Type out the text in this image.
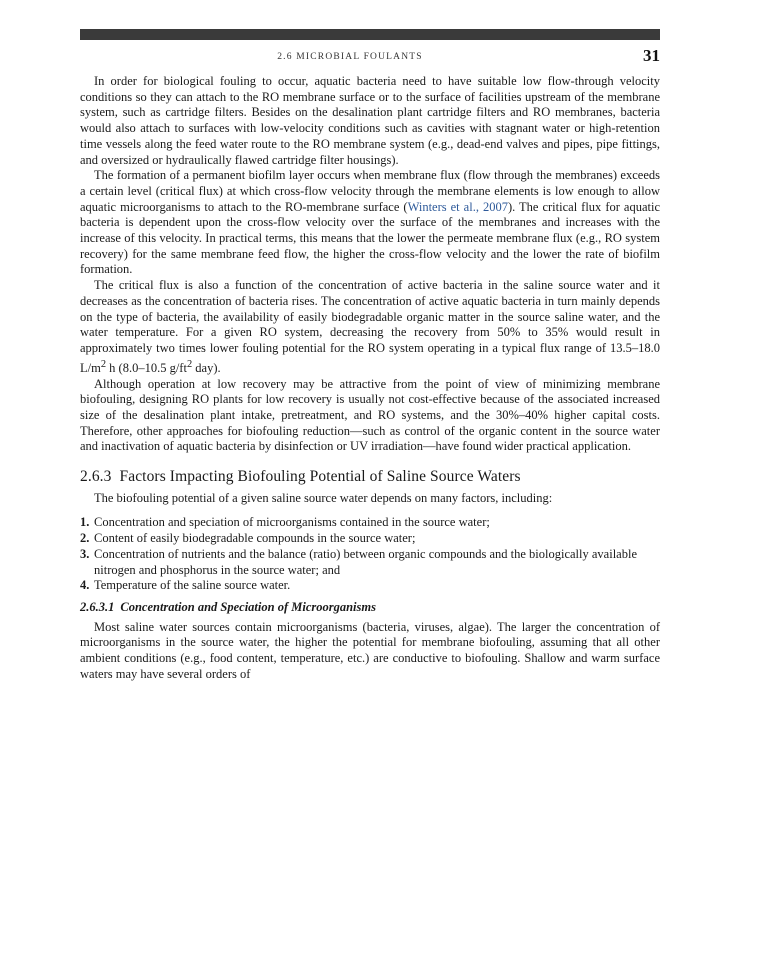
2.6 MICROBIAL FOULANTS	31

In order for biological fouling to occur, aquatic bacteria need to have suitable low flow-through velocity conditions so they can attach to the RO membrane surface or to the surface of facilities upstream of the membrane system, such as cartridge filters. Besides on the desalination plant cartridge filters and RO membranes, bacteria would also attach to surfaces with low-velocity conditions such as cavities with stagnant water or high-retention time vessels along the feed water route to the RO membrane system (e.g., dead-end valves and pipes, pipe fittings, and oversized or hydraulically flawed cartridge filter housings).

The formation of a permanent biofilm layer occurs when membrane flux (flow through the membranes) exceeds a certain level (critical flux) at which cross-flow velocity through the membrane elements is low enough to allow aquatic microorganisms to attach to the RO-membrane surface (Winters et al., 2007). The critical flux for aquatic bacteria is dependent upon the cross-flow velocity over the surface of the membranes and increases with the increase of this velocity. In practical terms, this means that the lower the permeate membrane flux (e.g., RO system recovery) for the same membrane feed flow, the higher the cross-flow velocity and the lower the rate of biofilm formation.

The critical flux is also a function of the concentration of active bacteria in the saline source water and it decreases as the concentration of bacteria rises. The concentration of active aquatic bacteria in turn mainly depends on the type of bacteria, the availability of easily biodegradable organic matter in the source saline water, and the water temperature. For a given RO system, decreasing the recovery from 50% to 35% would result in approximately two times lower fouling potential for the RO system operating in a typical flux range of 13.5–18.0 $L/m^2$ h (8.0–10.5 $g/ft^2$ day).

Although operation at low recovery may be attractive from the point of view of minimizing membrane biofouling, designing RO plants for low recovery is usually not cost-effective because of the associated increased size of the desalination plant intake, pretreatment, and RO systems, and the 30%–40% higher capital costs. Therefore, other approaches for biofouling reduction—such as control of the organic content in the source water and inactivation of aquatic bacteria by disinfection or UV irradiation—have found wider practical application.

2.6.3 Factors Impacting Biofouling Potential of Saline Source Waters

The biofouling potential of a given saline source water depends on many factors, including:

1. Concentration and speciation of microorganisms contained in the source water;
2. Content of easily biodegradable compounds in the source water;
3. Concentration of nutrients and the balance (ratio) between organic compounds and the biologically available nitrogen and phosphorus in the source water; and
4. Temperature of the saline source water.
2.6.3.1 Concentration and Speciation of Microorganisms

Most saline water sources contain microorganisms (bacteria, viruses, algae). The larger the concentration of microorganisms in the source water, the higher the potential for membrane biofouling, assuming that all other ambient conditions (e.g., food content, temperature, etc.) are conductive to biofouling. Shallow and warm surface waters may have several orders of
